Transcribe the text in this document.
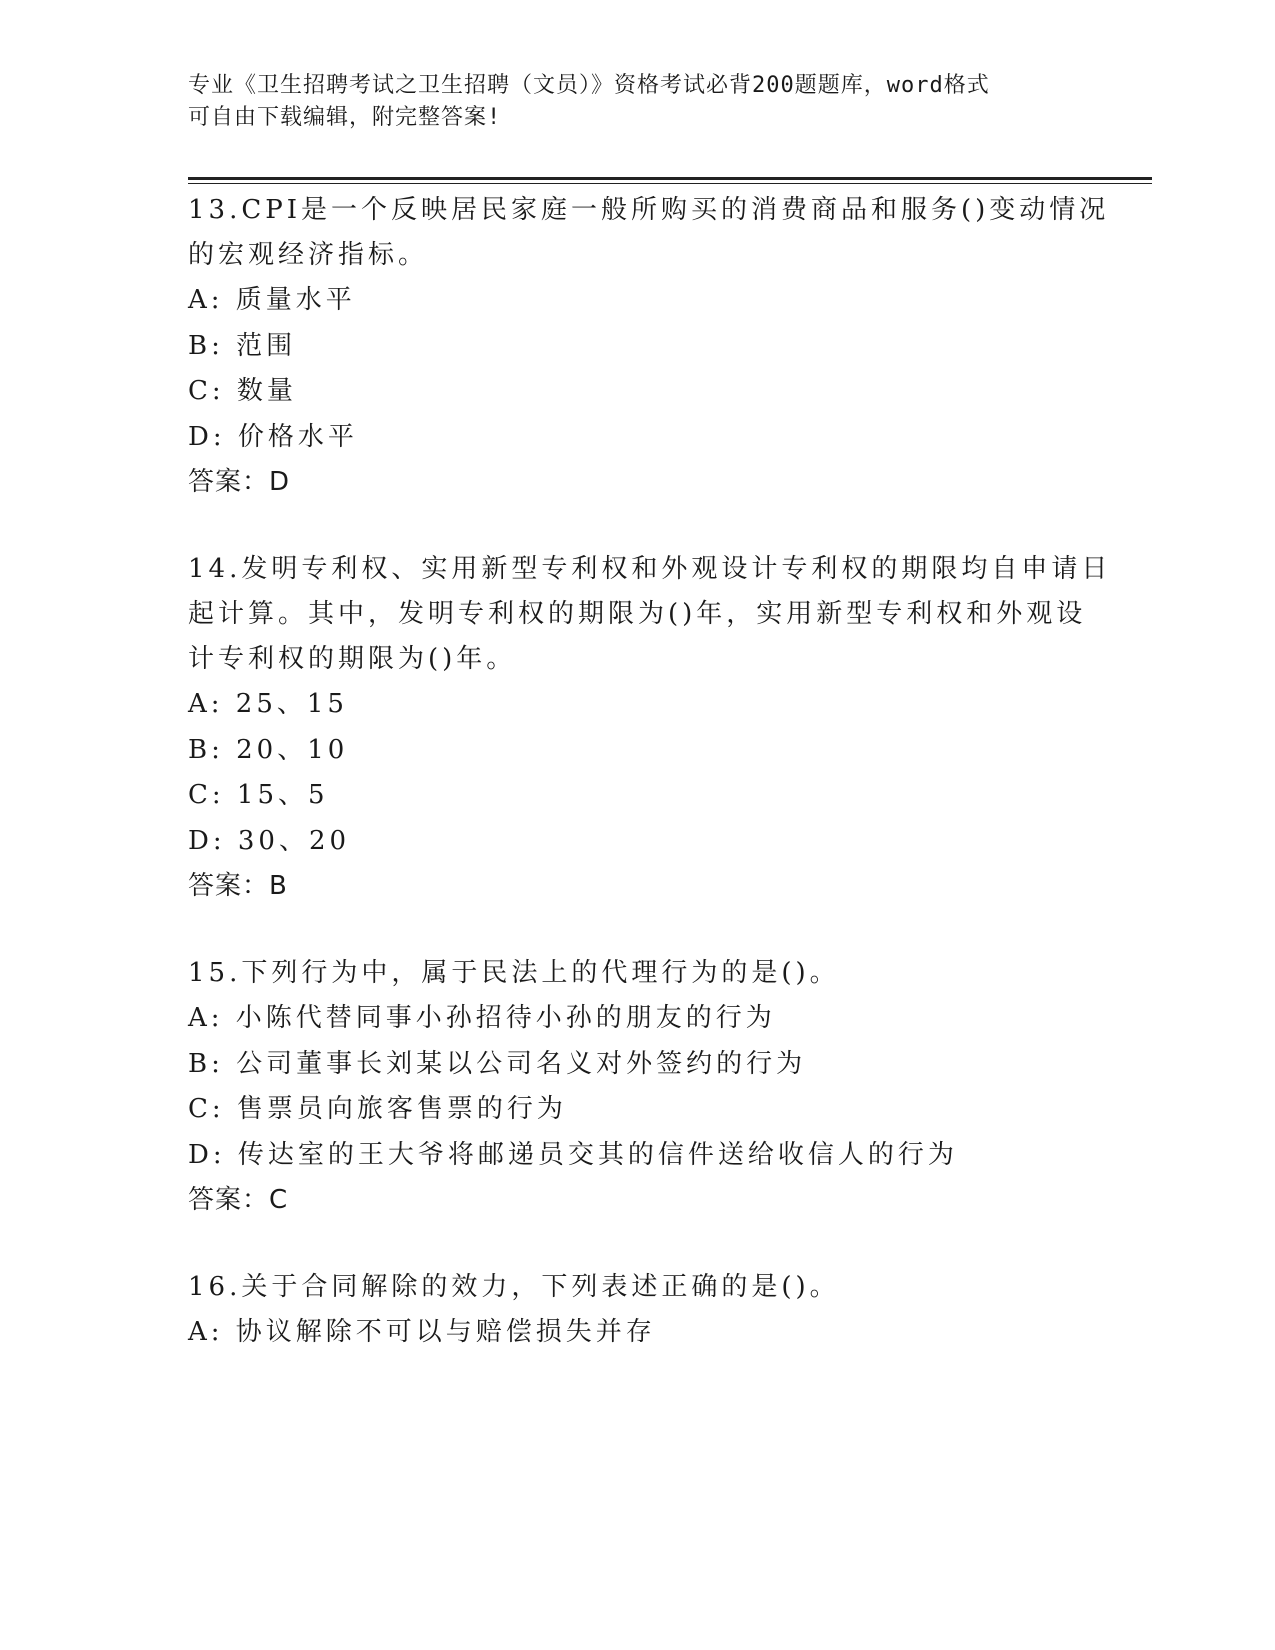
专业《卫生招聘考试之卫生招聘（文员）》资格考试必背200题题库，word格式
可自由下载编辑，附完整答案!
13.CPI是一个反映居民家庭一般所购买的消费商品和服务()变动情况
的宏观经济指标。
A: 质量水平
B: 范围
C: 数量
D: 价格水平
答案：D
14.发明专利权、实用新型专利权和外观设计专利权的期限均自申请日
起计算。其中，发明专利权的期限为()年，实用新型专利权和外观设
计专利权的期限为()年。
A: 25、15
B: 20、10
C: 15、5
D: 30、20
答案：B
15.下列行为中，属于民法上的代理行为的是()。
A: 小陈代替同事小孙招待小孙的朋友的行为
B: 公司董事长刘某以公司名义对外签约的行为
C: 售票员向旅客售票的行为
D: 传达室的王大爷将邮递员交其的信件送给收信人的行为
答案：C
16.关于合同解除的效力，下列表述正确的是()。
A: 协议解除不可以与赔偿损失并存
